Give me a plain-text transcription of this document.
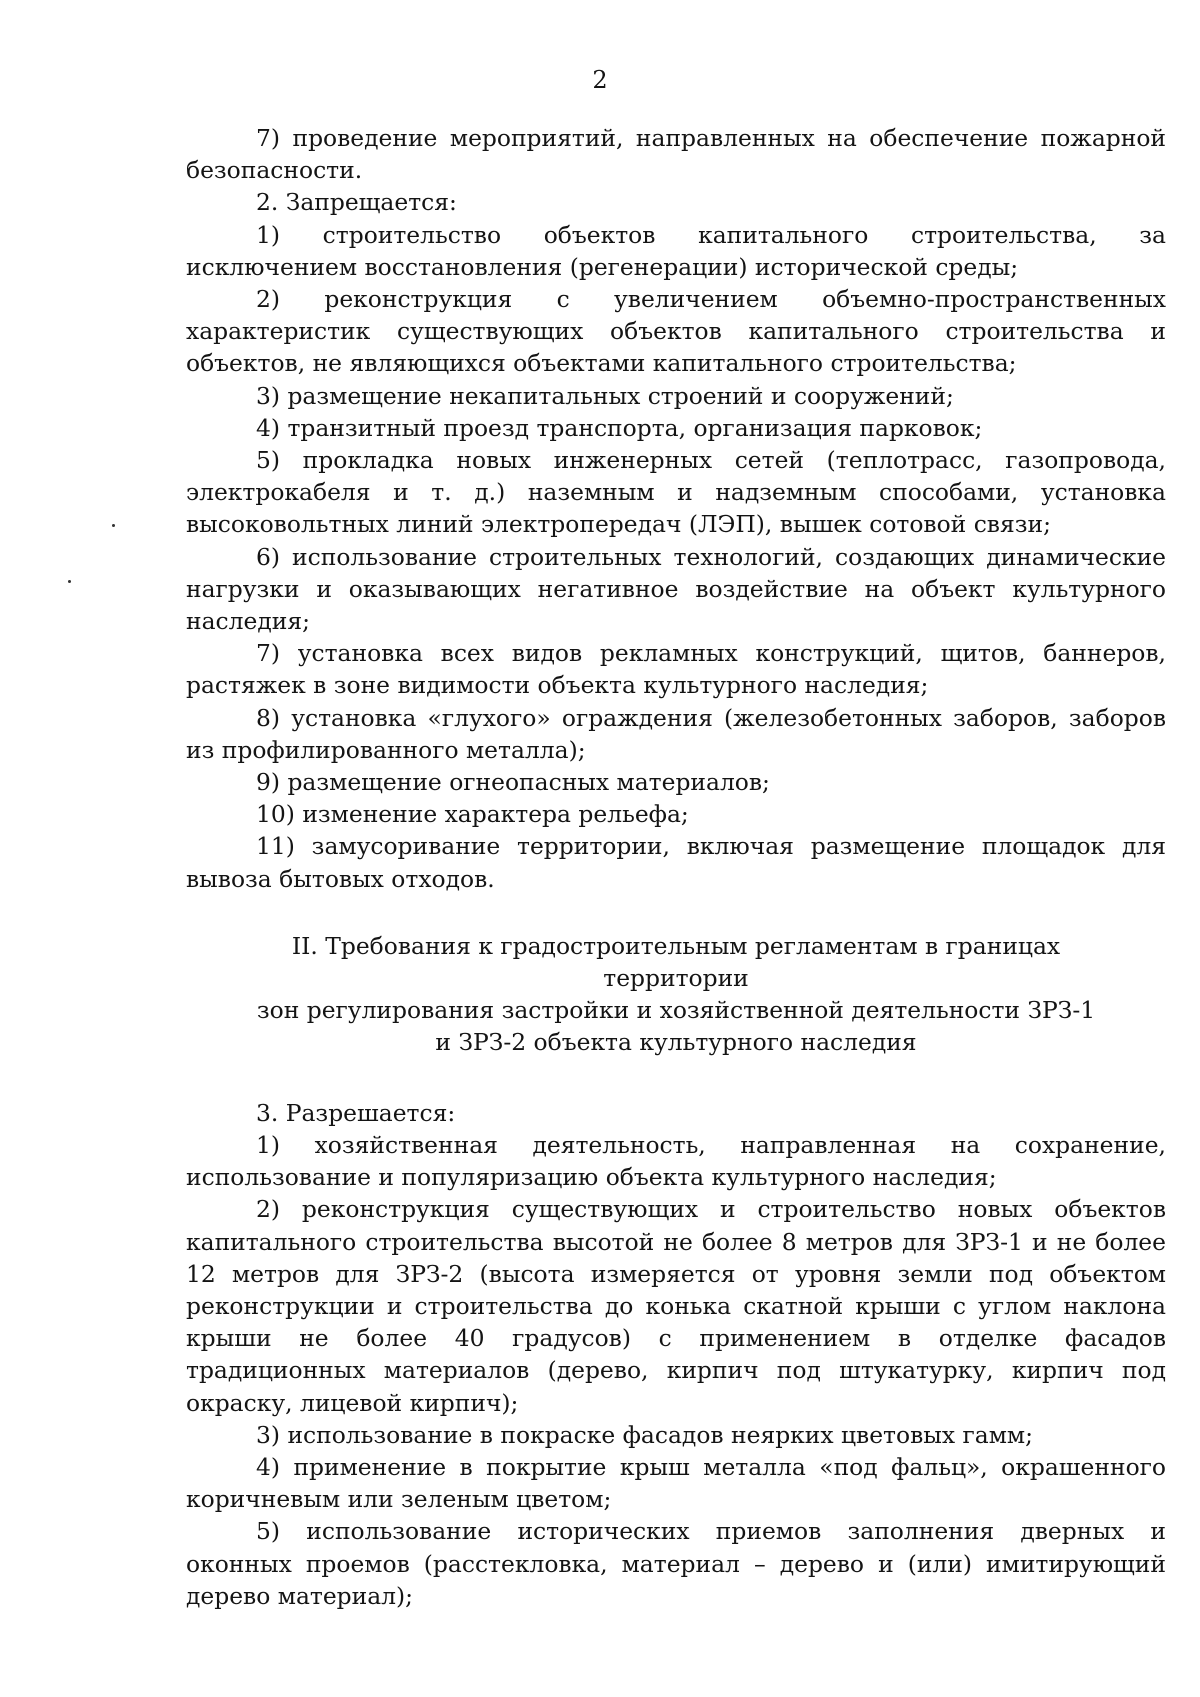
2

7) проведение мероприятий, направленных на обеспечение пожарной безопасности.

2. Запрещается:

1) строительство объектов капитального строительства, за исключением восстановления (регенерации) исторической среды;

2) реконструкция с увеличением объемно-пространственных характеристик существующих объектов капитального строительства и объектов, не являющихся объектами капитального строительства;

3) размещение некапитальных строений и сооружений;

4) транзитный проезд транспорта, организация парковок;

5) прокладка новых инженерных сетей (теплотрасс, газопровода, электрокабеля и т. д.) наземным и надземным способами, установка высоковольтных линий электропередач (ЛЭП), вышек сотовой связи;

6) использование строительных технологий, создающих динамические нагрузки и оказывающих негативное воздействие на объект культурного наследия;

7) установка всех видов рекламных конструкций, щитов, баннеров, растяжек в зоне видимости объекта культурного наследия;

8) установка «глухого» ограждения (железобетонных заборов, заборов из профилированного металла);

9) размещение огнеопасных материалов;

10) изменение характера рельефа;

11) замусоривание территории, включая размещение площадок для вывоза бытовых отходов.

II. Требования к градостроительным регламентам в границах территории
зон регулирования застройки и хозяйственной деятельности ЗРЗ-1
и ЗРЗ-2 объекта культурного наследия

3. Разрешается:

1) хозяйственная деятельность, направленная на сохранение, использование и популяризацию объекта культурного наследия;

2) реконструкция существующих и строительство новых объектов капитального строительства высотой не более 8 метров для ЗРЗ-1 и не более 12 метров для ЗРЗ-2 (высота измеряется от уровня земли под объектом реконструкции и строительства до конька скатной крыши с углом наклона крыши не более 40 градусов) с применением в отделке фасадов традиционных материалов (дерево, кирпич под штукатурку, кирпич под окраску, лицевой кирпич);

3) использование в покраске фасадов неярких цветовых гамм;

4) применение в покрытие крыш металла «под фальц», окрашенного коричневым или зеленым цветом;

5) использование исторических приемов заполнения дверных и оконных проемов (расстекловка, материал – дерево и (или) имитирующий дерево материал);
